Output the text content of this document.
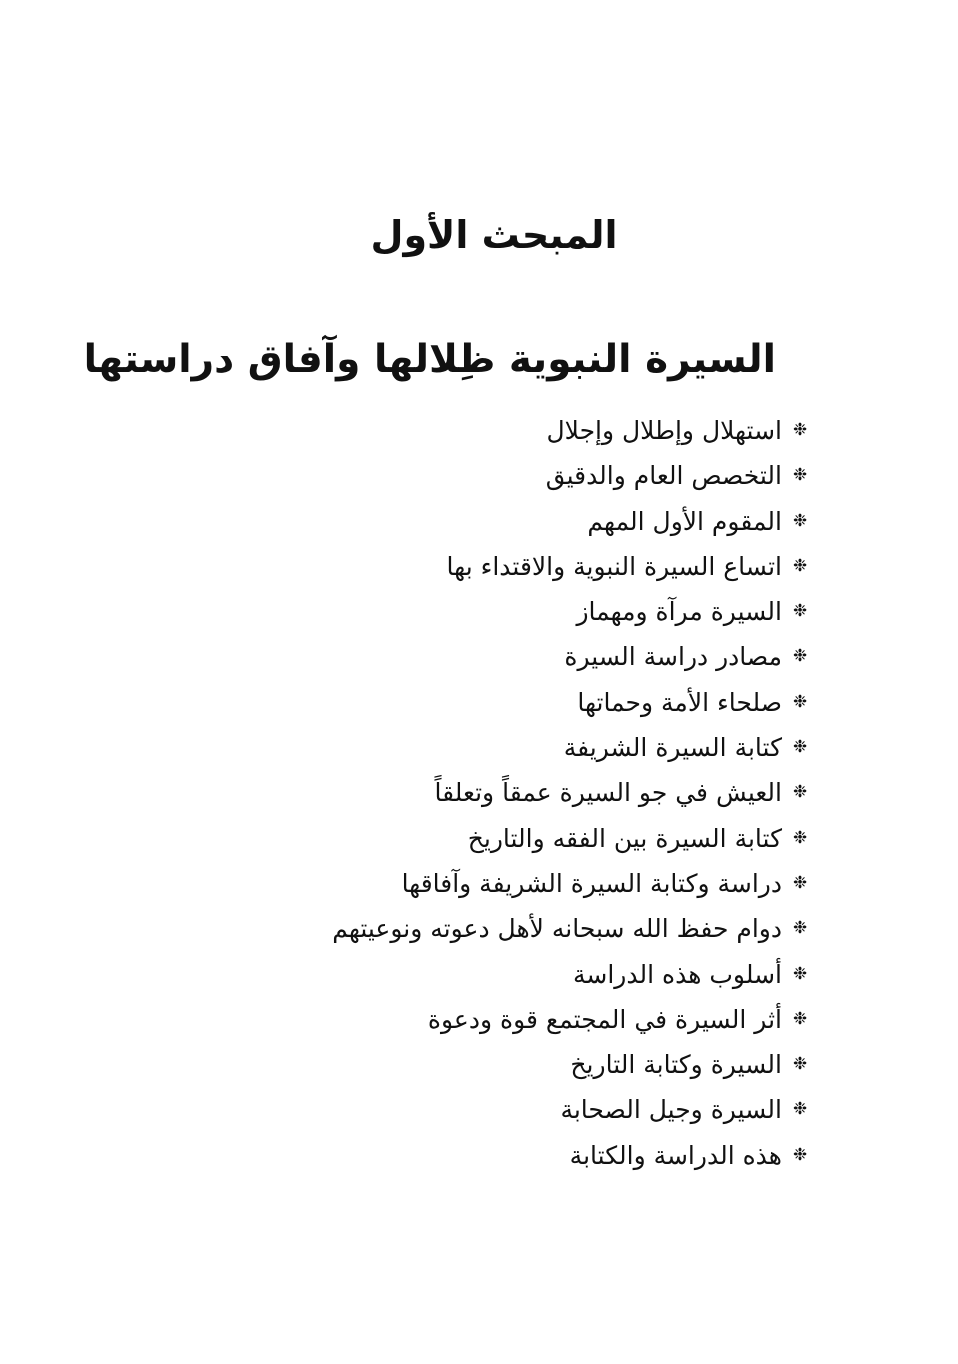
المبحث الأول
السيرة النبوية ظِلالها وآفاق دراستها
❉
استهلال وإطلال وإجلال
❉
التخصص العام والدقيق
❉
المقوم الأول المهم
❉
اتساع السيرة النبوية والاقتداء بها
❉
السيرة مرآة ومهماز
❉
مصادر دراسة السيرة
❉
صلحاء الأمة وحماتها
❉
كتابة السيرة الشريفة
❉
العيش في جو السيرة عمقاً وتعلقاً
❉
كتابة السيرة بين الفقه والتاريخ
❉
دراسة وكتابة السيرة الشريفة وآفاقها
❉
دوام حفظ الله سبحانه لأهل دعوته ونوعيتهم
❉
أسلوب هذه الدراسة
❉
أثر السيرة في المجتمع قوة ودعوة
❉
السيرة وكتابة التاريخ
❉
السيرة وجيل الصحابة
❉
هذه الدراسة والكتابة
